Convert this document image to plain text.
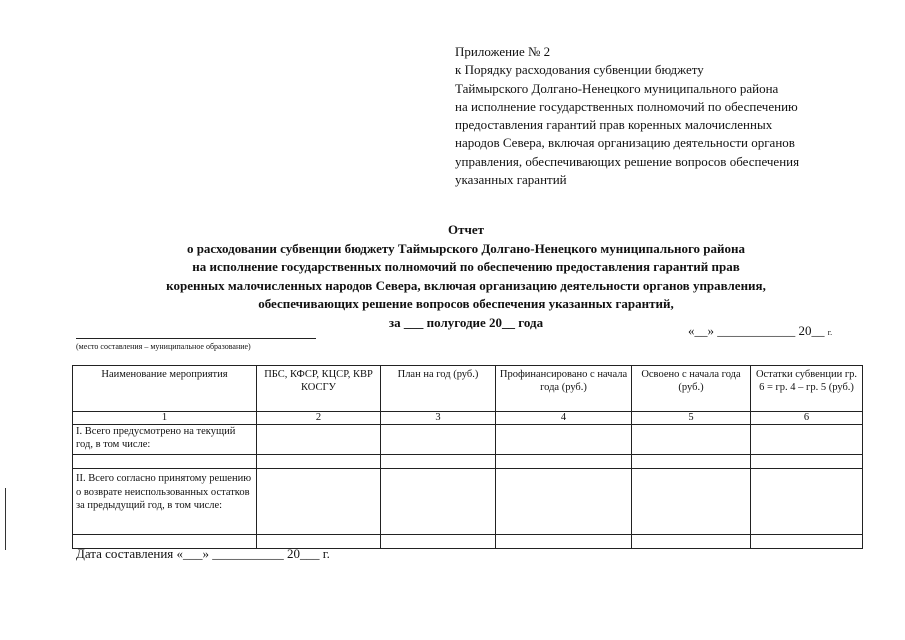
Приложение № 2
к Порядку расходования субвенции бюджету
Таймырского Долгано-Ненецкого муниципального района
на исполнение государственных полномочий по обеспечению
предоставления гарантий прав коренных малочисленных
народов Севера, включая организацию деятельности органов
управления, обеспечивающих решение вопросов обеспечения
указанных гарантий
Отчет
о расходовании субвенции бюджету Таймырского Долгано-Ненецкого муниципального района
на исполнение государственных полномочий по обеспечению предоставления гарантий прав
коренных малочисленных народов Севера, включая организацию деятельности органов управления,
обеспечивающих решение вопросов обеспечения указанных гарантий,
за ___ полугодие 20__ года
«__» ____________ 20__ г.
(место составления – муниципальное образование)
Наименование мероприятия	ПБС, КФСР, КЦСР, КВР КОСГУ	План на год (руб.)	Профинансировано с начала года (руб.)	Освоено с начала года (руб.)	Остатки субвенции гр. 6 = гр. 4 – гр. 5 (руб.)
1	2	3	4	5	6
I. Всего предусмотрено на текущий год, в том числе:					

II. Всего согласно принятому решению о возврате неиспользованных остатков за предыдущий год, в том числе:					

Дата составления «___» ___________ 20___ г.
